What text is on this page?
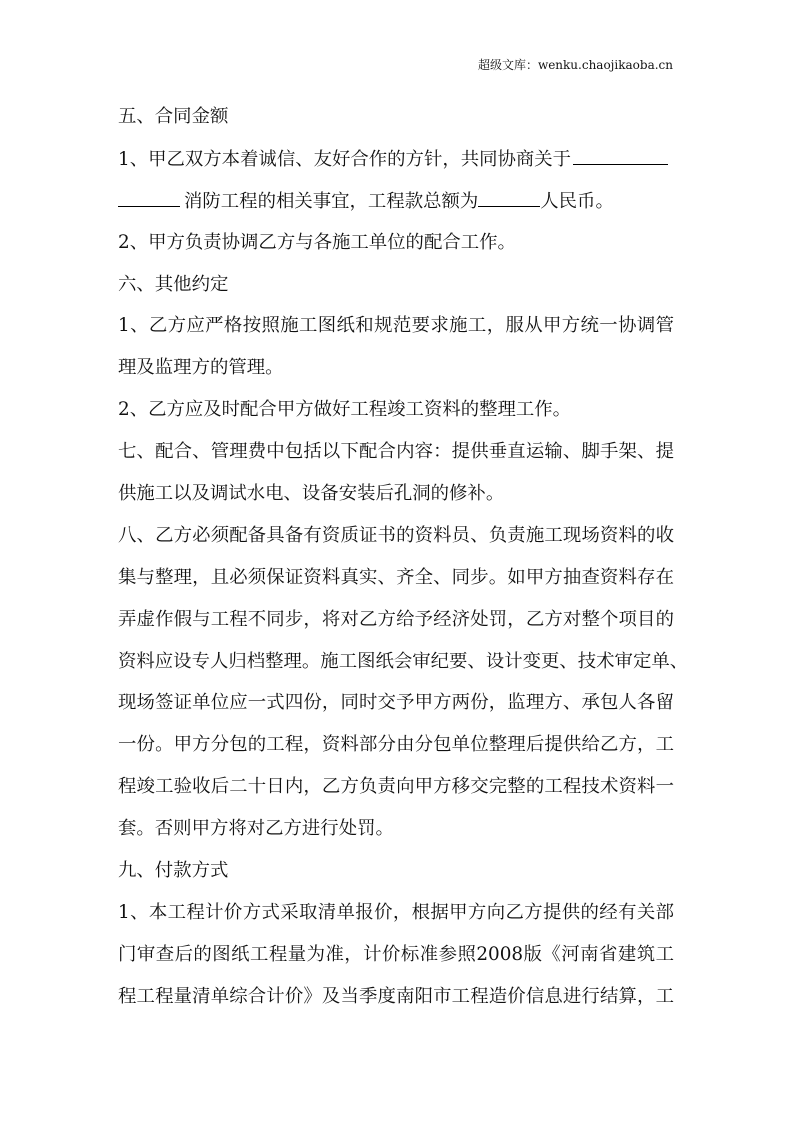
超级文库：wenku.chaojikaoba.cn
五、合同金额
1、甲乙双方本着诚信、友好合作的方针，共同协商关于
消防工程的相关事宜，工程款总额为	人民币。
2、甲方负责协调乙方与各施工单位的配合工作。
六、其他约定
1、乙方应严格按照施工图纸和规范要求施工，服从甲方统一协调管
理及监理方的管理。
2、乙方应及时配合甲方做好工程竣工资料的整理工作。
七、配合、管理费中包括以下配合内容：提供垂直运输、脚手架、提
供施工以及调试水电、设备安装后孔洞的修补。
八、乙方必须配备具备有资质证书的资料员、负责施工现场资料的收
集与整理，且必须保证资料真实、齐全、同步。如甲方抽查资料存在
弄虚作假与工程不同步，将对乙方给予经济处罚，乙方对整个项目的
资料应设专人归档整理。施工图纸会审纪要、设计变更、技术审定单、
现场签证单位应一式四份，同时交予甲方两份，监理方、承包人各留
一份。甲方分包的工程，资料部分由分包单位整理后提供给乙方，工
程竣工验收后二十日内，乙方负责向甲方移交完整的工程技术资料一
套。否则甲方将对乙方进行处罚。
九、付款方式
1、本工程计价方式采取清单报价，根据甲方向乙方提供的经有关部
门审查后的图纸工程量为准，计价标准参照2008版《河南省建筑工
程工程量清单综合计价》及当季度南阳市工程造价信息进行结算，工
